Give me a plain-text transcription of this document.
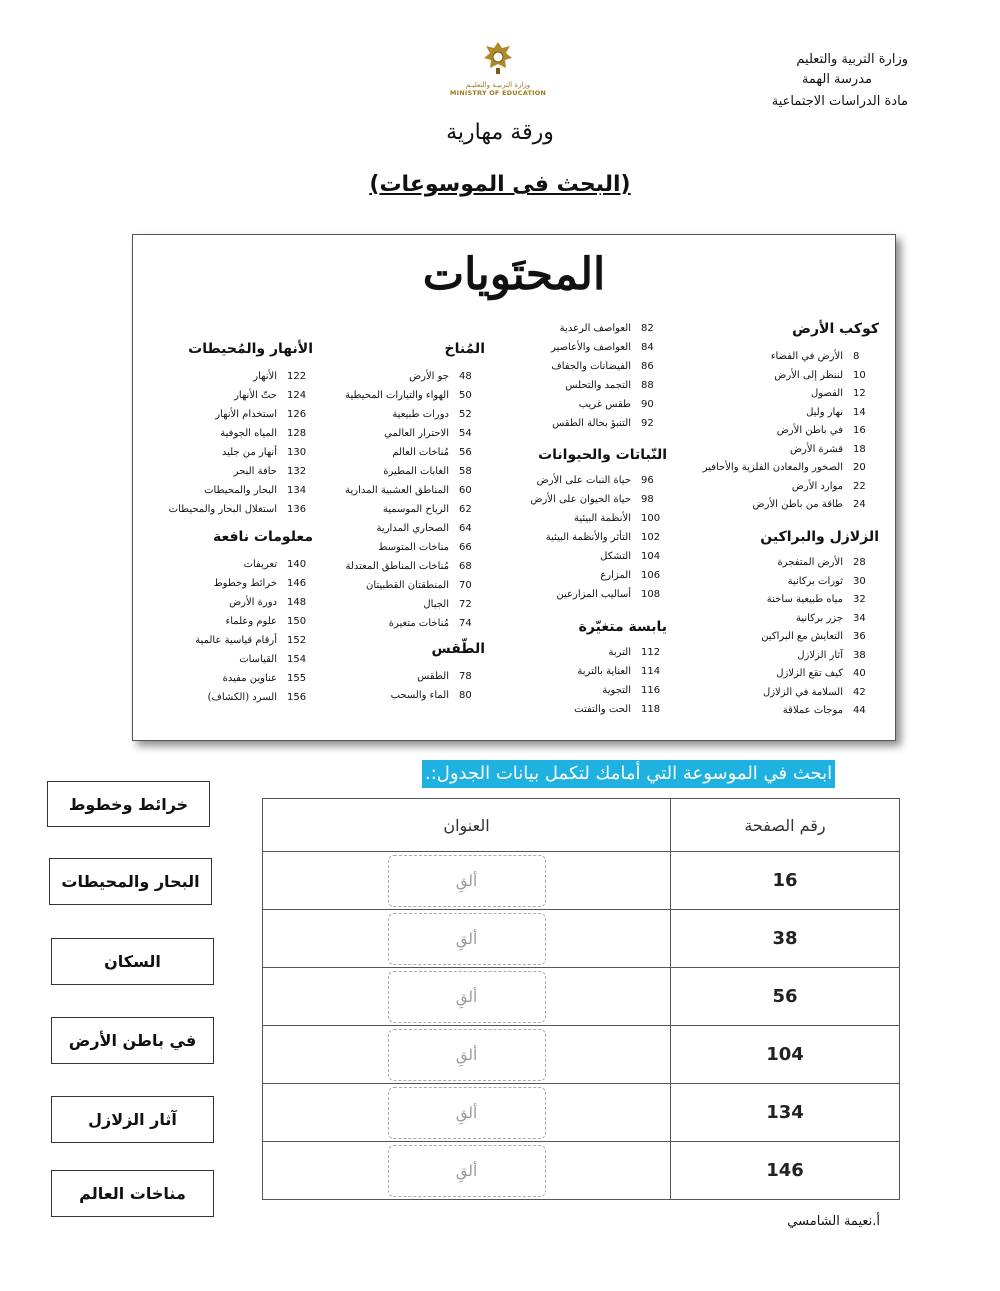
وزارة التربية والتعليم
مدرسة الهمة
مادة الدراسات الاجتماعية
وزارة التربيـة والتعليـم
MINISTRY OF EDUCATION
ورقة مهارية
(البحث فى الموسوعات)
المحتَويات
كوكب الأرض
8
الأرض في الفضاء
10
لننظر إلى الأرض
12
الفصول
14
نهار وليل
16
في باطن الأرض
18
قشرة الأرض
20
الصخور والمعادن الفلزية والأحافير
22
موارد الأرض
24
طاقة من باطن الأرض
الزلازل والبراكين
28
الأرض المتفجرة
30
ثورات بركانية
32
مياه طبيعية ساخنة
34
جزر بركانية
36
التعايش مع البراكين
38
آثار الزلازل
40
كيف تقع الزلازل
42
السلامة في الزلازل
44
موجات عملاقة
82
العواصف الرعدية
84
العواصف والأعاصير
86
الفيضانات والجفاف
88
التجمد والتحلس
90
طقس غريب
92
التنبؤ بحالة الطقس
النّباتات والحيوانات
96
حياة النبات على الأرض
98
حياة الحيوان على الأرض
100
الأنظمة البيئية
102
التأثر والأنظمة البيئية
104
التشكل
106
المزارع
108
أساليب المزارعين
يابسة متغيّرة
112
التربة
114
العناية بالتربة
116
التجوية
118
الحت والتفتت
المُناخ
48
جو الأرض
50
الهواء والتيارات المحيطية
52
دورات طبيعية
54
الاحترار العالمي
56
مُناخات العالم
58
الغابات المطيرة
60
المناطق العشبية المدارية
62
الرياح الموسمية
64
الصحاري المدارية
66
مناخات المتوسط
68
مُناخات المناطق المعتدلة
70
المنطقتان القطبيتان
72
الجبال
74
مُناخات متغيرة
الطّقس
78
الطقس
80
الماء والسحب
الأنهار والمُحيطات
122
الأنهار
124
حتّ الأنهار
126
استخدام الأنهار
128
المياه الجوفية
130
أنهار من جليد
132
حافة البحر
134
البحار والمحيطات
136
استغلال البحار والمحيطات
معلومات نافعة
140
تعريفات
146
خرائط وخطوط
148
دورة الأرض
150
علوم وعلماء
152
أرقام قياسية عالمية
154
القياسات
155
عناوين مفيدة
156
السرد (الكشاف)
ابحث في الموسوعة التي أمامك لتكمل بيانات الجدول:.
خرائط وخطوط
البحار والمحيطات
السكان
في باطن الأرض
آثار الزلازل
مناخات العالم
العنوان	رقم الصفحة

ألقِ	16

ألقِ	38

ألقِ	56

ألقِ	104

ألقِ	134

ألقِ	146
أ.نعيمة الشامسي
